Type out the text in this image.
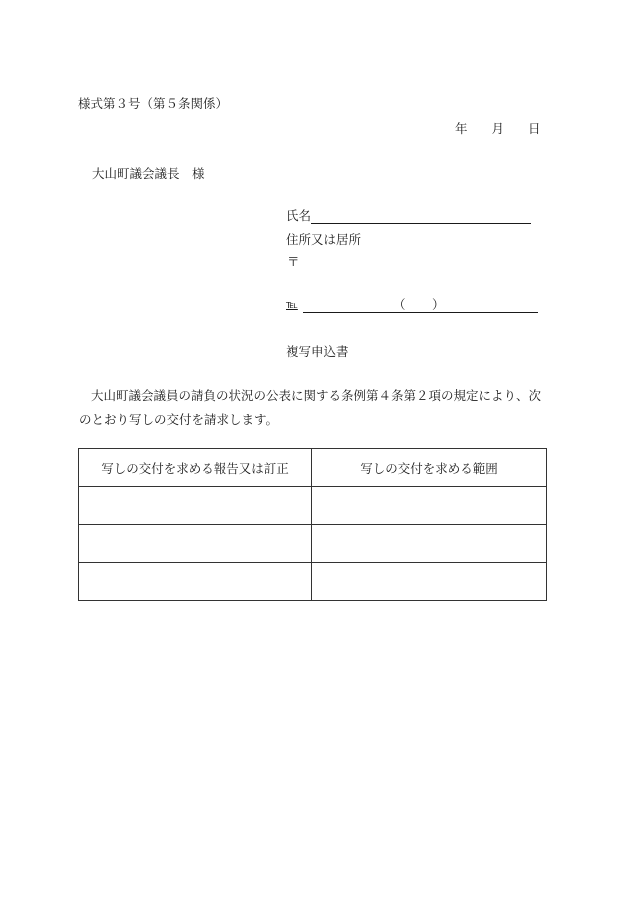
様式第３号（第５条関係）
年 月 日
大山町議会議長　様
氏名
住所又は居所
〒
℡	（ ）
複写申込書
大山町議会議員の請負の状況の公表に関する条例第４条第２項の規定により、次のとおり写しの交付を請求します。
写しの交付を求める報告又は訂正	写しの交付を求める範囲
